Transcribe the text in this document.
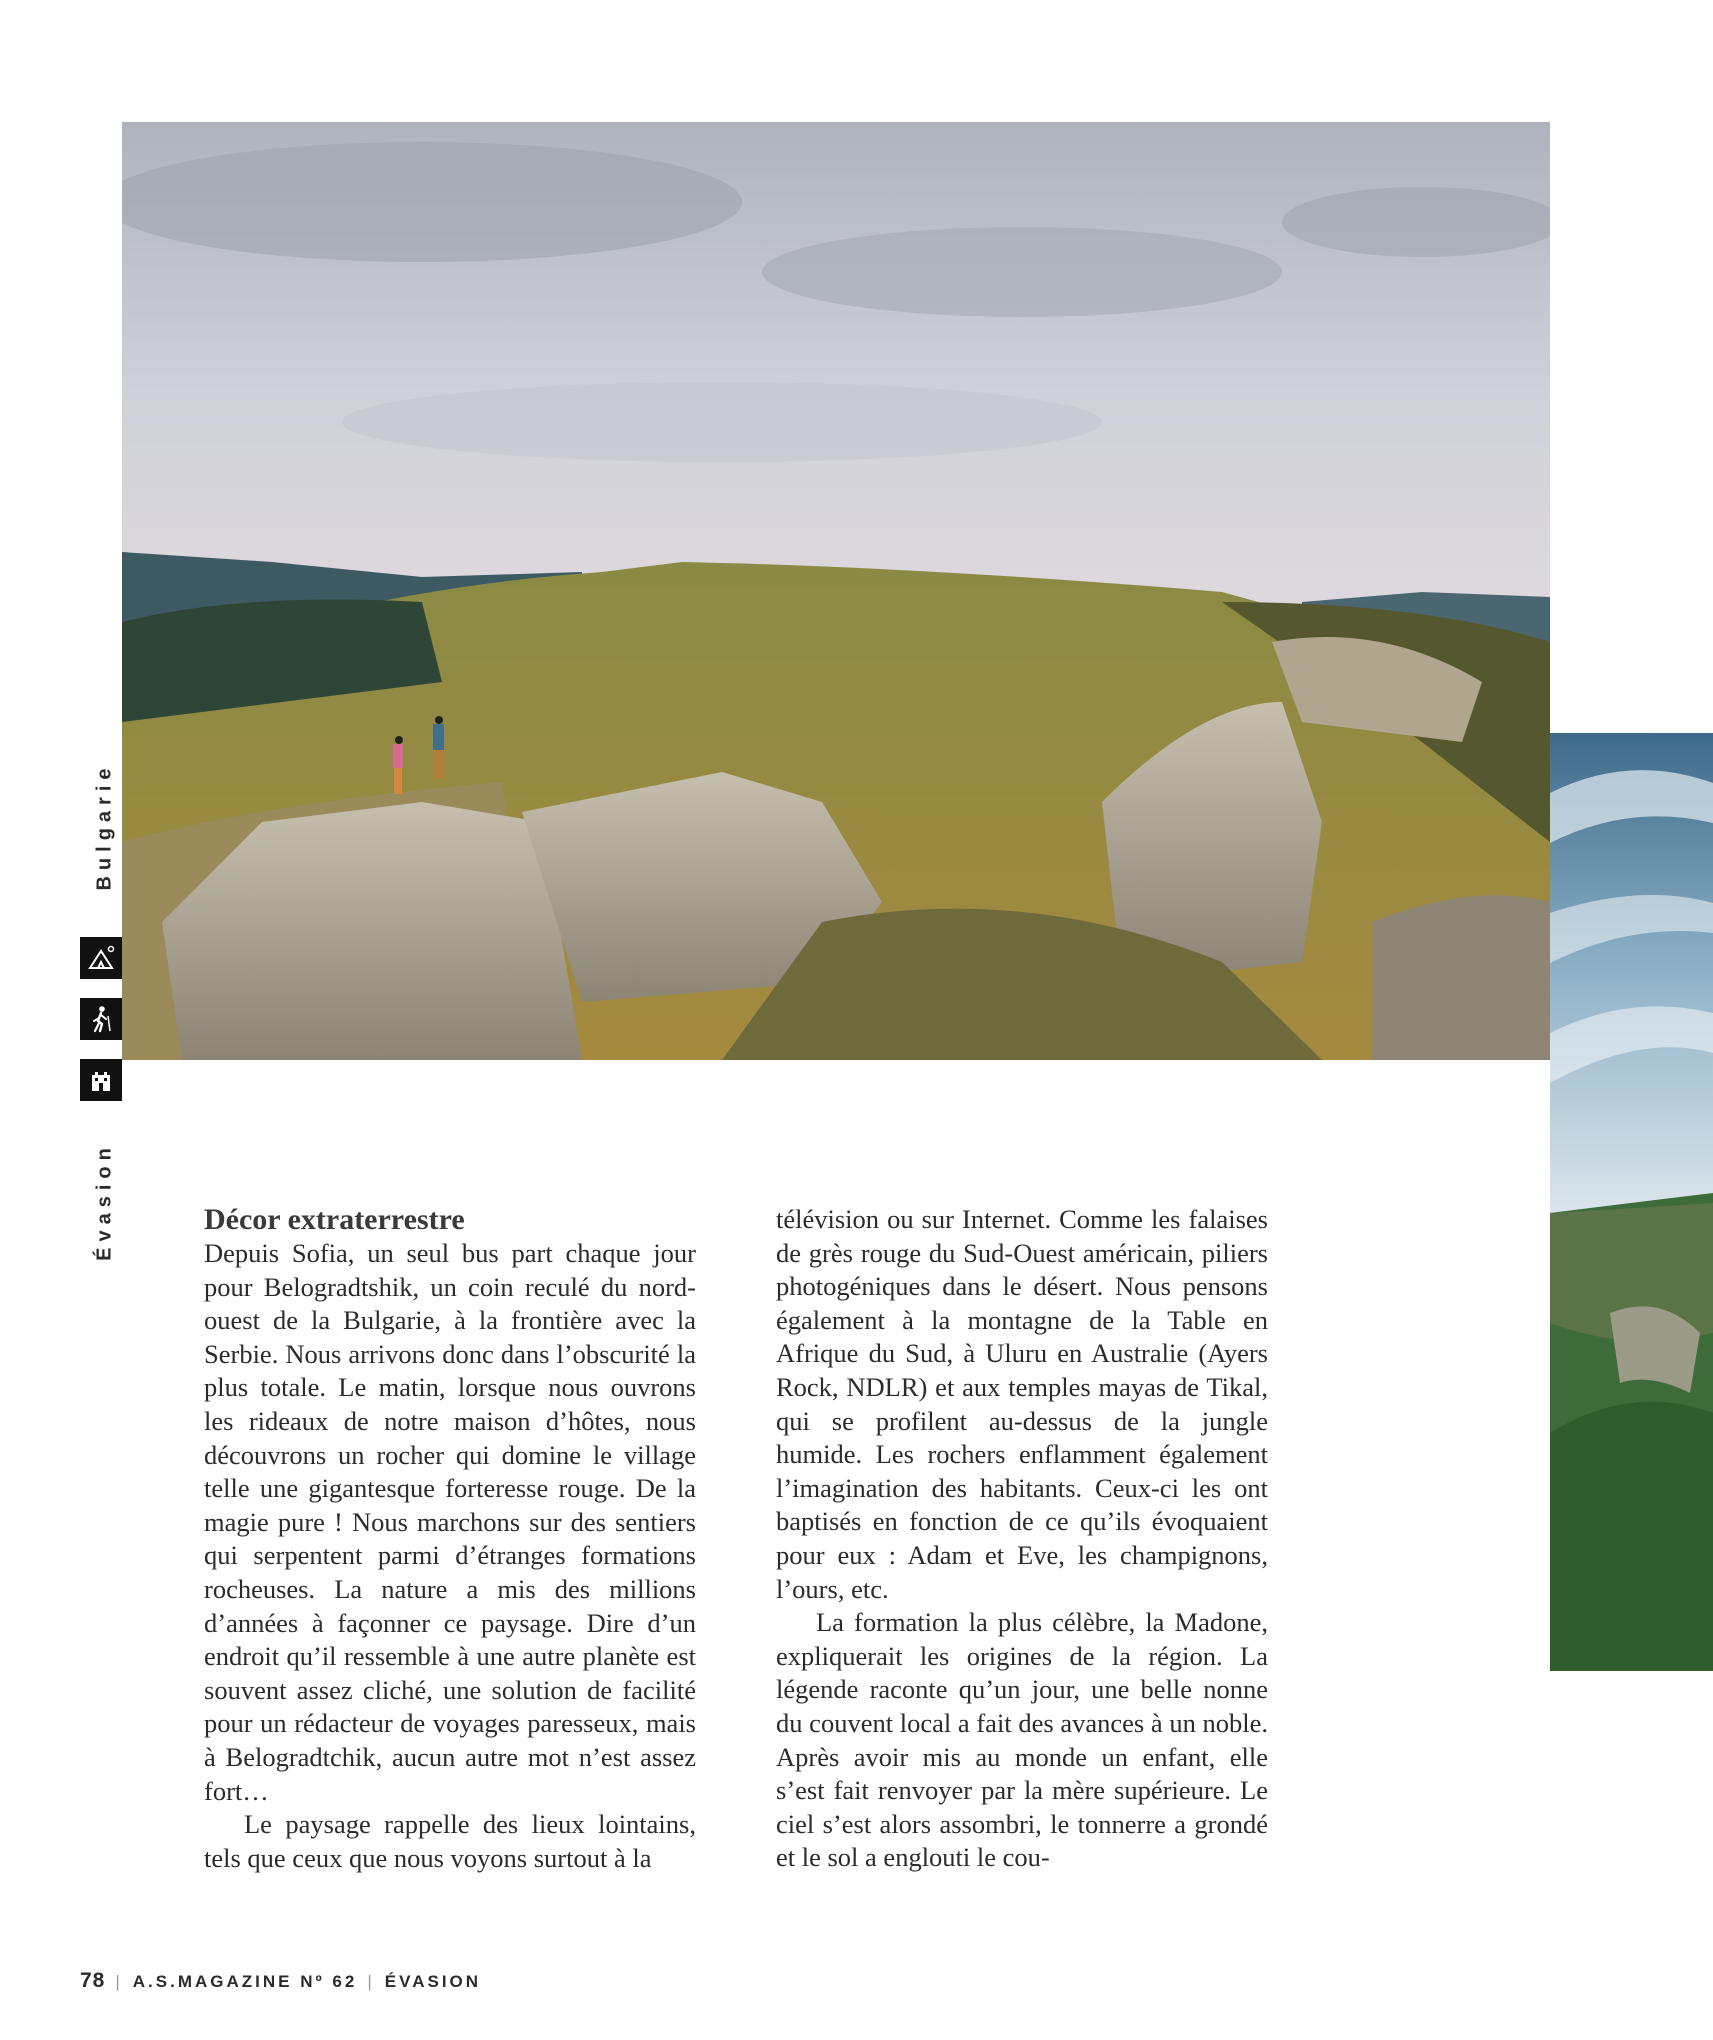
Bulgarie
Évasion	Décor extraterrestre

Depuis Sofia, un seul bus part chaque jour pour Belogradtshik, un coin reculé du nord-ouest de la Bulgarie, à la frontière avec la Serbie. Nous arrivons donc dans l’obscurité la plus totale. Le matin, lorsque nous ouvrons les rideaux de notre maison d’hôtes, nous découvrons un rocher qui domine le village telle une gigantesque forteresse rouge. De la magie pure ! Nous marchons sur des sentiers qui serpentent parmi d’étranges formations rocheuses. La nature a mis des millions d’années à façonner ce paysage. Dire d’un endroit qu’il ressemble à une autre planète est souvent assez cliché, une solution de facilité pour un rédacteur de voyages paresseux, mais à Belogradtchik, aucun autre mot n’est assez fort…

Le paysage rappelle des lieux lointains, tels que ceux que nous voyons surtout à la

télévision ou sur Internet. Comme les falaises de grès rouge du Sud-Ouest américain, piliers photogéniques dans le désert. Nous pensons également à la montagne de la Table en Afrique du Sud, à Uluru en Australie (Ayers Rock, NDLR) et aux temples mayas de Tikal, qui se profilent au-dessus de la jungle humide. Les rochers enflamment également l’imagination des habitants. Ceux-ci les ont baptisés en fonction de ce qu’ils évoquaient pour eux : Adam et Eve, les champignons, l’ours, etc.

La formation la plus célèbre, la Madone, expliquerait les origines de la région. La légende raconte qu’un jour, une belle nonne du couvent local a fait des avances à un noble. Après avoir mis au monde un enfant, elle s’est fait renvoyer par la mère supérieure. Le ciel s’est alors assombri, le tonnerre a grondé et le sol a englouti le cou-

78 | A.S.MAGAZINE Nº 62 | ÉVASION
